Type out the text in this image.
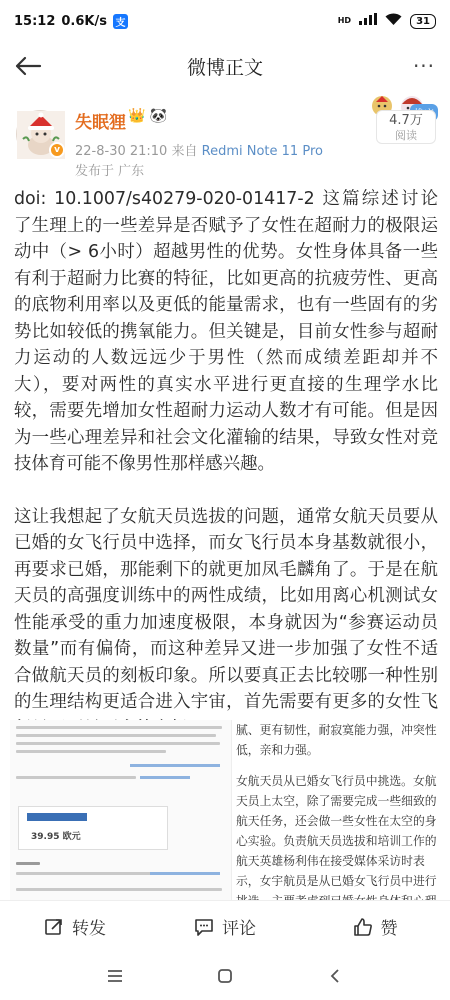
15:12 0.6K/s 支	HD	31
微博正文	···
v
失眠狸 👑 🐼
22-8-30 21:10 来自 Redmi Note 11 Pro
发布于 广东
4.7万
阅读

doi: 10.1007/s40279-020-01417-2 这篇综述讨论了生理上的一些差异是否赋予了女性在超耐力的极限运动中（> 6小时）超越男性的优势。女性身体具备一些有利于超耐力比赛的特征，比如更高的抗疲劳性、更高的底物利用率以及更低的能量需求，也有一些固有的劣势比如较低的携氧能力。但关键是，目前女性参与超耐力运动的人数远远少于男性（然而成绩差距却并不大），要对两性的真实水平进行更直接的生理学水比较，需要先增加女性超耐力运动人数才有可能。但是因为一些心理差异和社会文化灌输的结果，导致女性对竞技体育可能不像男性那样感兴趣。

这让我想起了女航天员选拔的问题，通常女航天员要从已婚的女飞行员中选择，而女飞行员本身基数就很小，再要求已婚，那能剩下的就更加凤毛麟角了。于是在航天员的高强度训练中的两性成绩，比如用离心机测试女性能承受的重力加速度极限，本身就因为“参赛运动员数量”而有偏倚，而这种差异又进一步加强了女性不适合做航天员的刻板印象。所以要真正去比较哪一种性别的生理结构更适合进入宇宙，首先需要有更多的女性飞

39.95 欧元

腻、更有韧性，耐寂寞能力强，冲突性低，亲和力强。

女航天员从已婚女飞行员中挑选。女航天员上太空，除了需要完成一些细致的航天任务，还会做一些女性在太空的身心实验。负责航天员选拔和培训工作的航天英雄杨利伟在接受媒体采访时表示，女宇航员是从已婚女飞行员中进行

转发	评论	赞
